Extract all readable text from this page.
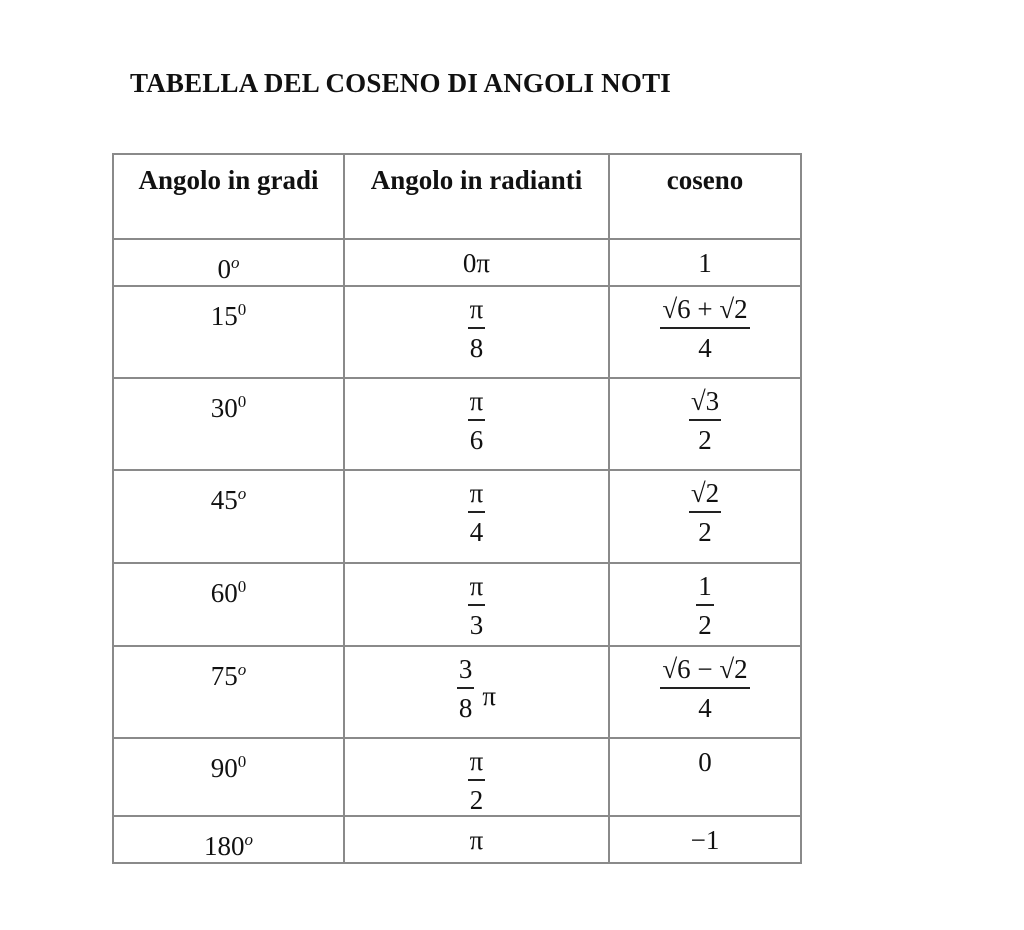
TABELLA DEL COSENO DI ANGOLI NOTI
Angolo in gradi	Angolo in radianti	coseno
0$^o$	0π	1
$15^0$	$\frac{\pi}{8}$	$\frac{√6 + √2}{4}$

$30^0$	$\frac{\pi}{6}$	$\frac{√3}{2}$

45$^o$	$\frac{\pi}{4}$	$\frac{√2}{2}$

$60^0$	$\frac{\pi}{3}$	$\frac{1}{2}$

75$^o$	$\frac{3}{8}$ π	$\frac{√6 - √2}{4}$

$90^0$	$\frac{\pi}{2}$	0
180$^o$	π	−1
